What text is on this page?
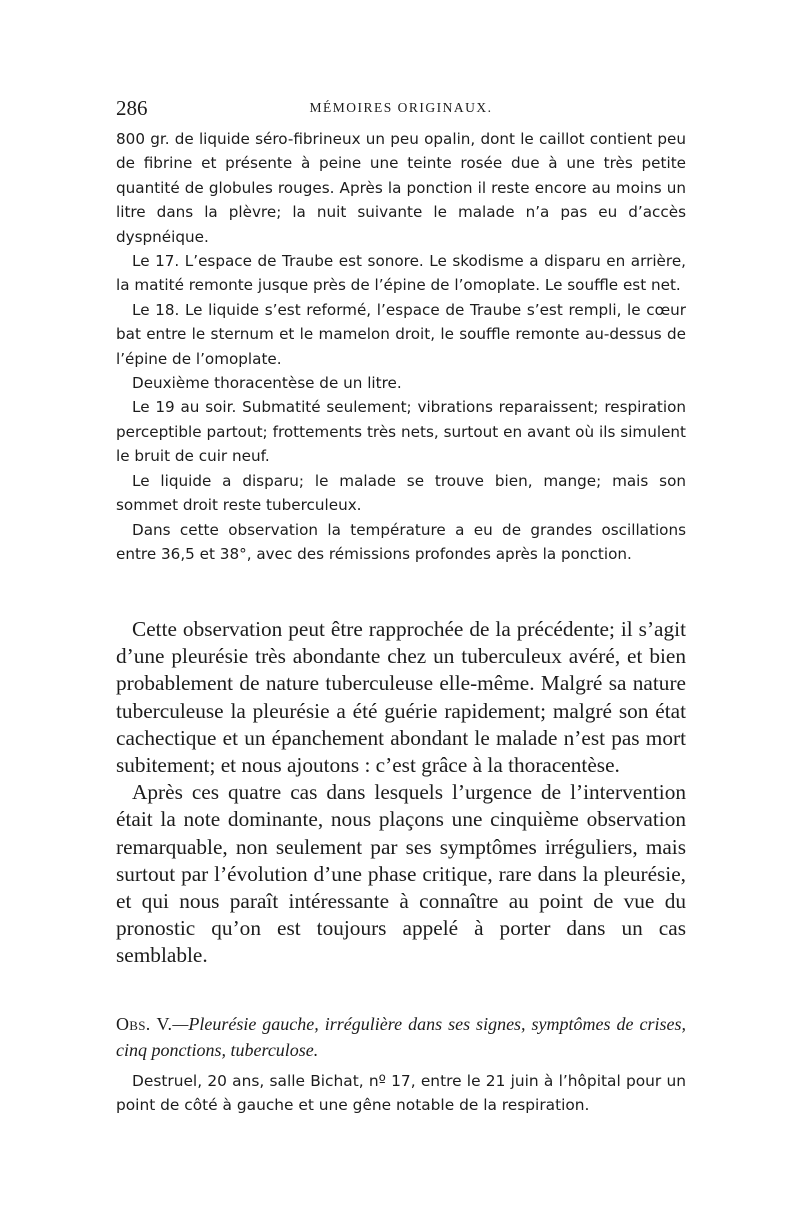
286	MÉMOIRES ORIGINAUX.

800 gr. de liquide séro-fibrineux un peu opalin, dont le caillot contient peu de fibrine et présente à peine une teinte rosée due à une très petite quantité de globules rouges. Après la ponction il reste encore au moins un litre dans la plèvre; la nuit suivante le malade n’a pas eu d’accès dyspnéique.

Le 17. L’espace de Traube est sonore. Le skodisme a disparu en arrière, la matité remonte jusque près de l’épine de l’omoplate. Le souffle est net.

Le 18. Le liquide s’est reformé, l’espace de Traube s’est rempli, le cœur bat entre le sternum et le mamelon droit, le souffle remonte au-dessus de l’épine de l’omoplate.

Deuxième thoracentèse de un litre.

Le 19 au soir. Submatité seulement; vibrations reparaissent; respiration perceptible partout; frottements très nets, surtout en avant où ils simulent le bruit de cuir neuf.

Le liquide a disparu; le malade se trouve bien, mange; mais son sommet droit reste tuberculeux.

Dans cette observation la température a eu de grandes oscillations entre 36,5 et 38°, avec des rémissions profondes après la ponction.

Cette observation peut être rapprochée de la précédente; il s’agit d’une pleurésie très abondante chez un tuberculeux avéré, et bien probablement de nature tuberculeuse elle-même. Malgré sa nature tuberculeuse la pleurésie a été guérie rapidement; malgré son état cachectique et un épanchement abondant le malade n’est pas mort subitement; et nous ajoutons : c’est grâce à la thoracentèse.

Après ces quatre cas dans lesquels l’urgence de l’intervention était la note dominante, nous plaçons une cinquième observation remarquable, non seulement par ses symptômes irréguliers, mais surtout par l’évolution d’une phase critique, rare dans la pleurésie, et qui nous paraît intéressante à connaître au point de vue du pronostic qu’on est toujours appelé à porter dans un cas semblable.

Obs. V.—Pleurésie gauche, irrégulière dans ses signes, symptômes de crises, cinq ponctions, tuberculose.

Destruel, 20 ans, salle Bichat, nº 17, entre le 21 juin à l’hôpital pour un point de côté à gauche et une gêne notable de la respiration.
